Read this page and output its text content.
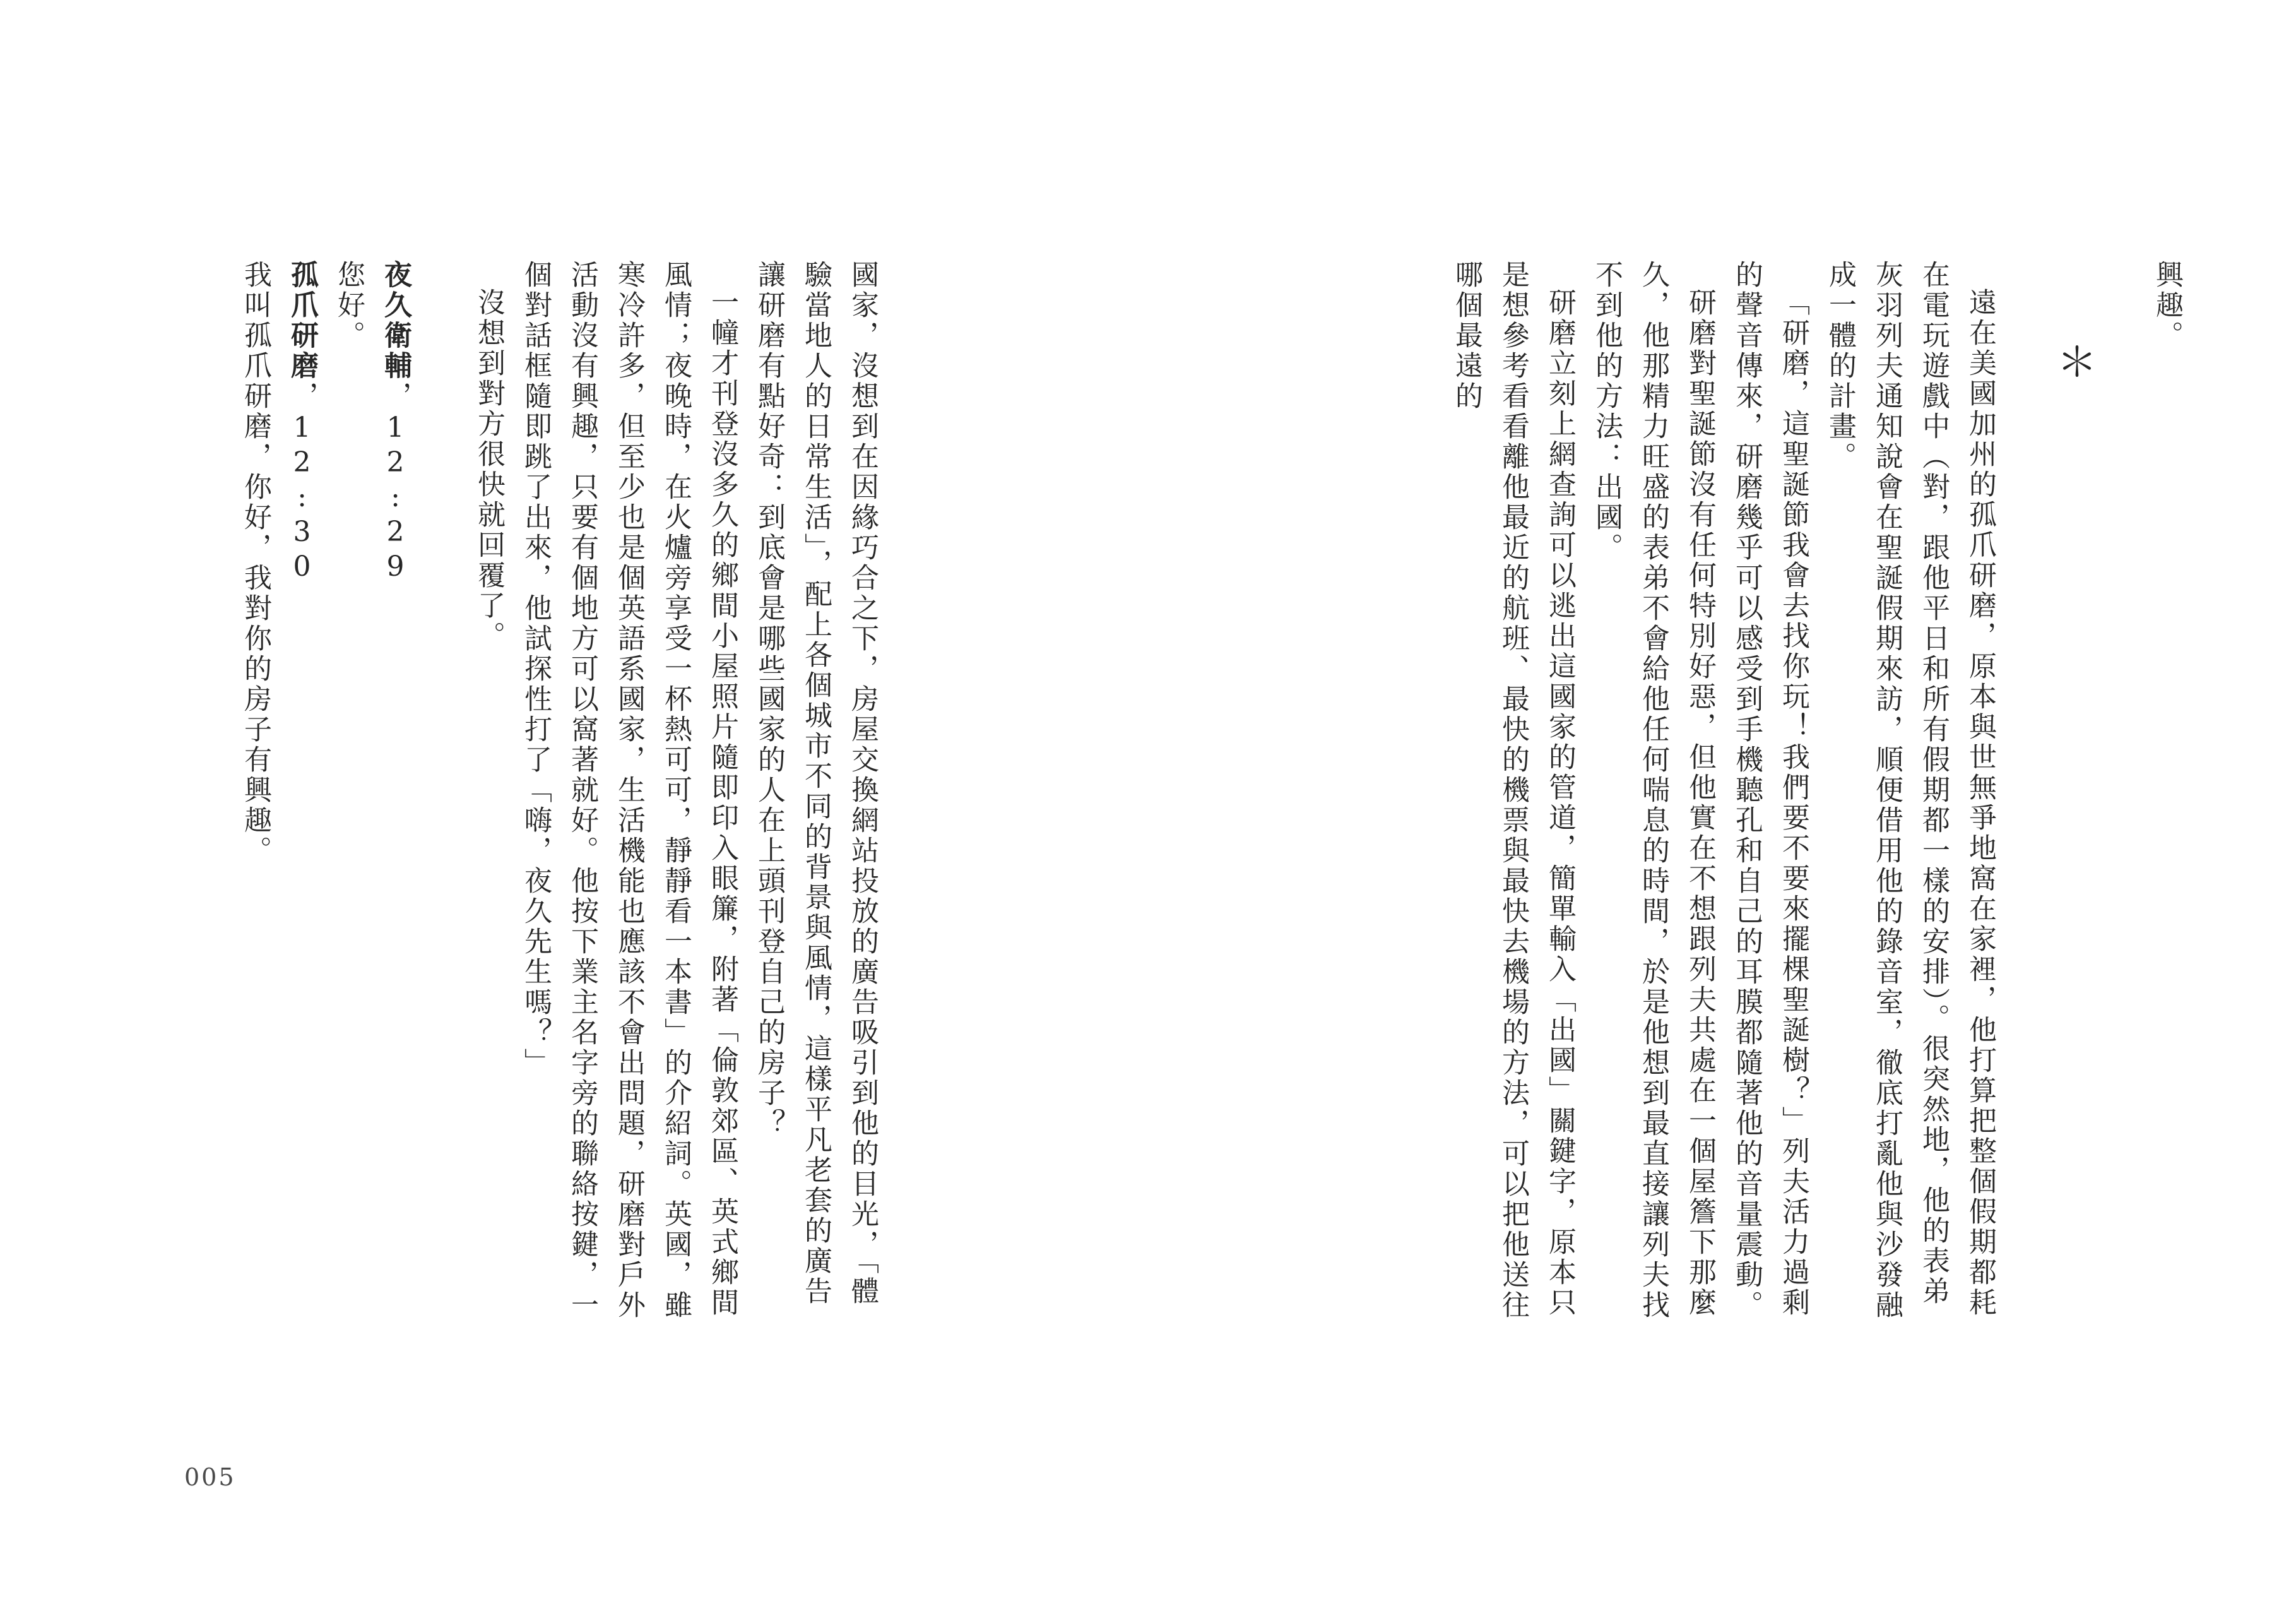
國家，沒想到在因緣巧合之下，房屋交換網站投放的廣告吸引到他的目光，「體驗當地人的日常生活」，配上各個城市不同的背景與風情，這樣平凡老套的廣告讓研磨有點好奇：到底會是哪些國家的人在上頭刊登自己的房子？

一幢才刊登沒多久的鄉間小屋照片隨即印入眼簾，附著「倫敦郊區、英式鄉間風情；夜晚時，在火爐旁享受一杯熱可可，靜靜看一本書」的介紹詞。英國，雖寒冷許多，但至少也是個英語系國家，生活機能也應該不會出問題，研磨對戶外活動沒有興趣，只要有個地方可以窩著就好。他按下業主名字旁的聯絡按鍵，一個對話框隨即跳了出來，他試探性打了「嗨，夜久先生嗎？」

沒想到對方很快就回覆了。

夜久衛輔，12:29

您好。

孤爪研磨，12:30

我叫孤爪研磨，你好，我對你的房子有興趣。

005

興趣。

＊

遠在美國加州的孤爪研磨，原本與世無爭地窩在家裡，他打算把整個假期都耗在電玩遊戲中（對，跟他平日和所有假期都一樣的安排）。很突然地，他的表弟灰羽列夫通知說會在聖誕假期來訪，順便借用他的錄音室，徹底打亂他與沙發融成一體的計畫。

「研磨，這聖誕節我會去找你玩！我們要不要來擺棵聖誕樹？」列夫活力過剩的聲音傳來，研磨幾乎可以感受到手機聽孔和自己的耳膜都隨著他的音量震動。

研磨對聖誕節沒有任何特別好惡，但他實在不想跟列夫共處在一個屋簷下那麼久，他那精力旺盛的表弟不會給他任何喘息的時間，於是他想到最直接讓列夫找不到他的方法：出國。

研磨立刻上網查詢可以逃出這國家的管道，簡單輸入「出國」關鍵字，原本只是想參考看看離他最近的航班、最快的機票與最快去機場的方法，可以把他送往哪個最遠的
